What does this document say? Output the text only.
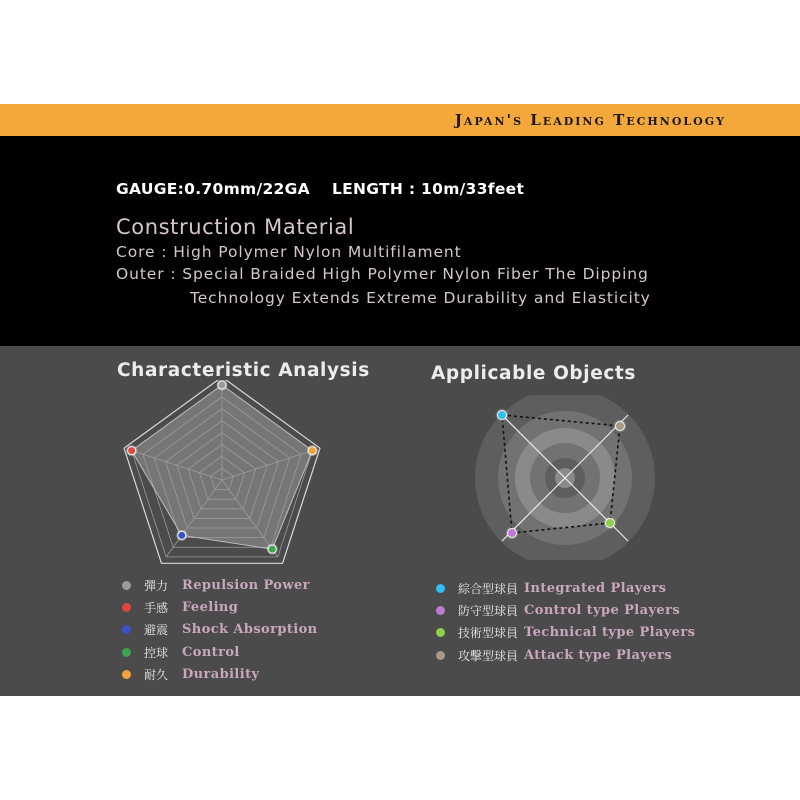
Japan's Leading Technology
GAUGE:0.70mm/22GA LENGTH : 10m/33feet
Construction Material
Core : High Polymer Nylon Multifilament
Outer : Special Braided High Polymer Nylon Fiber The Dipping
Technology Extends Extreme Durability and Elasticity
Characteristic Analysis	Applicable Objects
彈力	Repulsion Power
手感	Feeling
避震	Shock Absorption
控球	Control
耐久	Durability
綜合型球員 Integrated Players
防守型球員 Control type Players
技術型球員 Technical type Players
攻擊型球員 Attack type Players
